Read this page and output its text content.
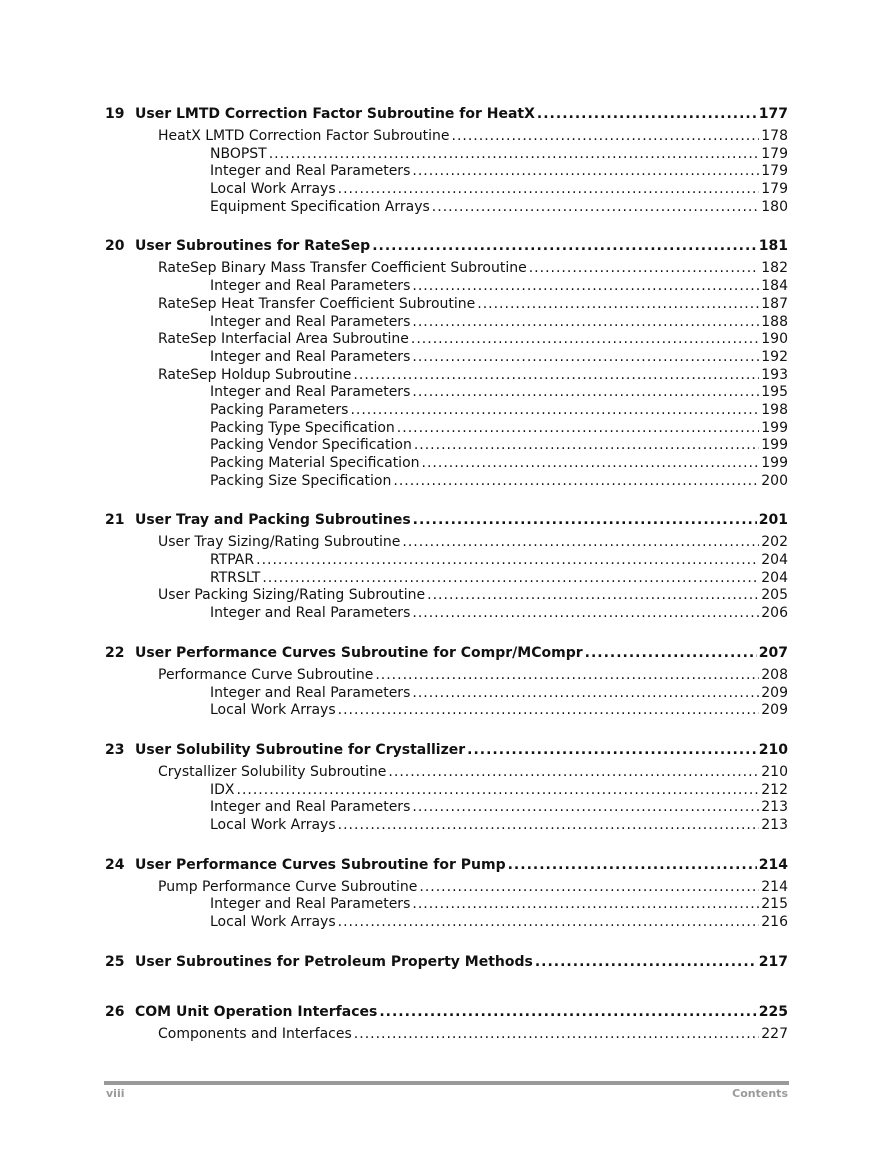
19 User LMTD Correction Factor Subroutine for HeatX .....	177
HeatX LMTD Correction Factor Subroutine .....	178
NBOPST .....	179
Integer and Real Parameters .....	179
Local Work Arrays .....	179
Equipment Specification Arrays .....	180
20 User Subroutines for RateSep .....	181
RateSep Binary Mass Transfer Coefficient Subroutine .....	182
Integer and Real Parameters .....	184
RateSep Heat Transfer Coefficient Subroutine .....	187
Integer and Real Parameters .....	188
RateSep Interfacial Area Subroutine .....	190
Integer and Real Parameters .....	192
RateSep Holdup Subroutine .....	193
Integer and Real Parameters .....	195
Packing Parameters .....	198
Packing Type Specification .....	199
Packing Vendor Specification .....	199
Packing Material Specification .....	199
Packing Size Specification .....	200
21 User Tray and Packing Subroutines .....	201
User Tray Sizing/Rating Subroutine .....	202
RTPAR .....	204
RTRSLT .....	204
User Packing Sizing/Rating Subroutine .....	205
Integer and Real Parameters .....	206
22 User Performance Curves Subroutine for Compr/MCompr .....	207
Performance Curve Subroutine .....	208
Integer and Real Parameters .....	209
Local Work Arrays .....	209
23 User Solubility Subroutine for Crystallizer .....	210
Crystallizer Solubility Subroutine .....	210
IDX .....	212
Integer and Real Parameters .....	213
Local Work Arrays .....	213
24 User Performance Curves Subroutine for Pump .....	214
Pump Performance Curve Subroutine .....	214
Integer and Real Parameters .....	215
Local Work Arrays .....	216
25 User Subroutines for Petroleum Property Methods .....	217
26 COM Unit Operation Interfaces .....	225
Components and Interfaces .....	227
viii	Contents
